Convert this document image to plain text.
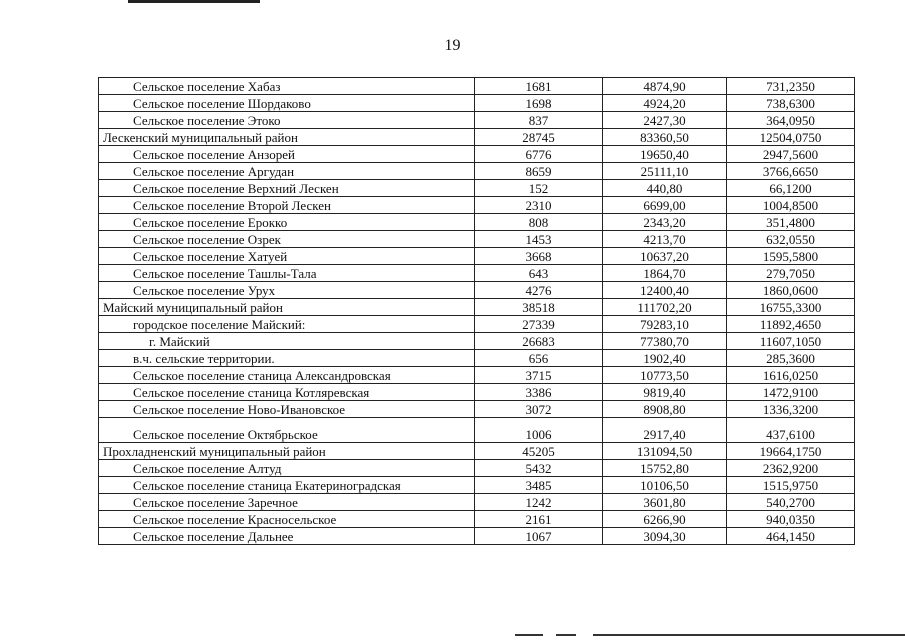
19
Сельское поселение Хабаз	1681	4874,90	731,2350
Сельское поселение Шордаково	1698	4924,20	738,6300
Сельское поселение Этоко	837	2427,30	364,0950
Лескенский муниципальный район	28745	83360,50	12504,0750
Сельское поселение Анзорей	6776	19650,40	2947,5600
Сельское поселение Аргудан	8659	25111,10	3766,6650
Сельское поселение Верхний Лескен	152	440,80	66,1200
Сельское поселение Второй Лескен	2310	6699,00	1004,8500
Сельское поселение Ерокко	808	2343,20	351,4800
Сельское поселение Озрек	1453	4213,70	632,0550
Сельское поселение Хатуей	3668	10637,20	1595,5800
Сельское поселение Ташлы-Тала	643	1864,70	279,7050
Сельское поселение Урух	4276	12400,40	1860,0600
Майский муниципальный район	38518	111702,20	16755,3300
городское поселение Майский:	27339	79283,10	11892,4650
г. Майский	26683	77380,70	11607,1050
в.ч. сельские территории.	656	1902,40	285,3600
Сельское поселение станица Александровская	3715	10773,50	1616,0250
Сельское поселение станица Котляревская	3386	9819,40	1472,9100
Сельское поселение Ново-Ивановское	3072	8908,80	1336,3200
Сельское поселение Октябрьское	1006	2917,40	437,6100
Прохладненский муниципальный район	45205	131094,50	19664,1750
Сельское поселение Алтуд	5432	15752,80	2362,9200
Сельское поселение станица Екатериноградская	3485	10106,50	1515,9750
Сельское поселение Заречное	1242	3601,80	540,2700
Сельское поселение Красносельское	2161	6266,90	940,0350
Сельское поселение Дальнее	1067	3094,30	464,1450
